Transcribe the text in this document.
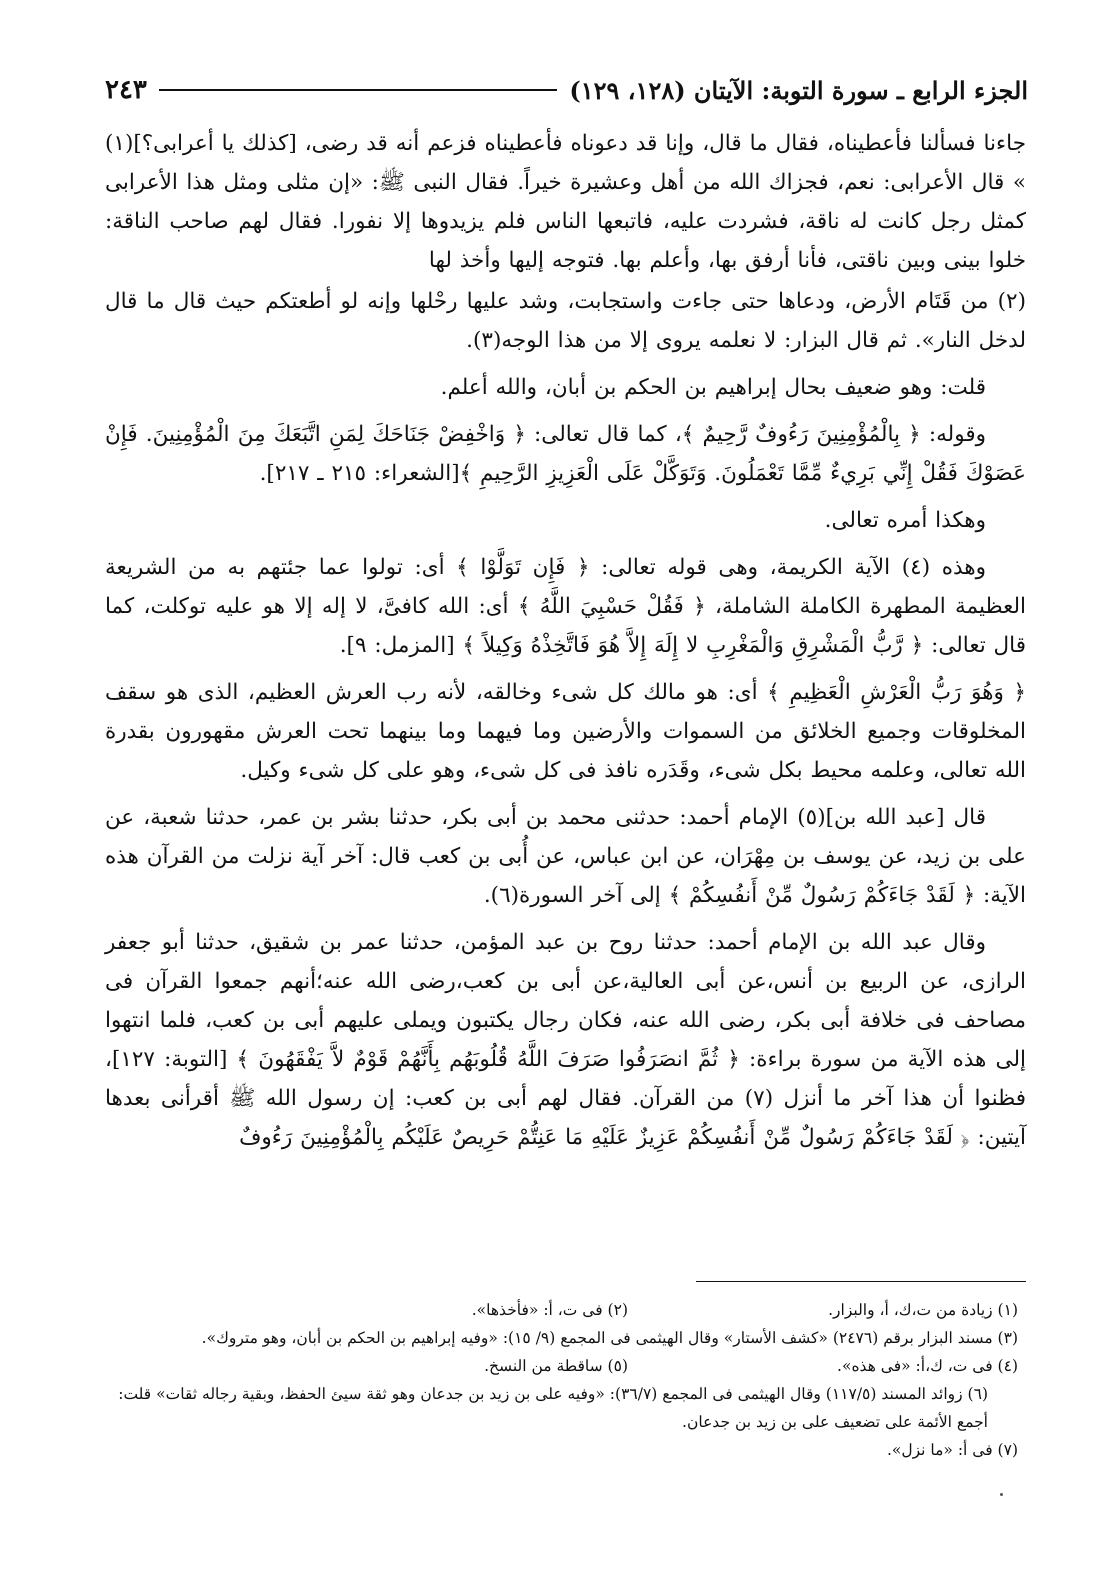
الجزء الرابع ـ سورة التوبة: الآيتان (١٢٨، ١٢٩)
٢٤٣

جاءنا فسألنا فأعطيناه، فقال ما قال، وإنا قد دعوناه فأعطيناه فزعم أنه قد رضى، [كذلك يا أعرابى؟](١) » قال الأعرابى: نعم، فجزاك الله من أهل وعشيرة خيراً. فقال النبى ﷺ: «إن مثلى ومثل هذا الأعرابى كمثل رجل كانت له ناقة، فشردت عليه، فاتبعها الناس فلم يزيدوها إلا نفورا. فقال لهم صاحب الناقة: خلوا بينى وبين ناقتى، فأنا أرفق بها، وأعلم بها. فتوجه إليها وأخذ لها

(٢) من قَتَام الأرض، ودعاها حتى جاءت واستجابت، وشد عليها رحْلها وإنه لو أطعتكم حيث قال ما قال لدخل النار». ثم قال البزار: لا نعلمه يروى إلا من هذا الوجه(٣).

قلت: وهو ضعيف بحال إبراهيم بن الحكم بن أبان، والله أعلم.

وقوله: ﴿ بِالْمُؤْمِنِينَ رَءُوفٌ رَّحِيمٌ ﴾، كما قال تعالى: ﴿ وَاخْفِضْ جَنَاحَكَ لِمَنِ اتَّبَعَكَ مِنَ الْمُؤْمِنِينَ. فَإِنْ عَصَوْكَ فَقُلْ إِنِّي بَرِيءٌ مِّمَّا تَعْمَلُونَ. وَتَوَكَّلْ عَلَى الْعَزِيزِ الرَّحِيمِ ﴾[الشعراء: ٢١٥ ـ ٢١٧].

وهكذا أمره تعالى.

وهذه (٤) الآية الكريمة، وهى قوله تعالى: ﴿ فَإِن تَوَلَّوْا ﴾ أى: تولوا عما جئتهم به من الشريعة العظيمة المطهرة الكاملة الشاملة، ﴿ فَقُلْ حَسْبِيَ اللَّهُ ﴾ أى: الله كافىَّ، لا إله إلا هو عليه توكلت، كما قال تعالى: ﴿ رَّبُّ الْمَشْرِقِ وَالْمَغْرِبِ لا إِلَهَ إِلاَّ هُوَ فَاتَّخِذْهُ وَكِيلاً ﴾ [المزمل: ٩].

﴿ وَهُوَ رَبُّ الْعَرْشِ الْعَظِيمِ ﴾ أى: هو مالك كل شىء وخالقه، لأنه رب العرش العظيم، الذى هو سقف المخلوقات وجميع الخلائق من السموات والأرضين وما فيهما وما بينهما تحت العرش مقهورون بقدرة الله تعالى، وعلمه محيط بكل شىء، وقَدَره نافذ فى كل شىء، وهو على كل شىء وكيل.

قال [عبد الله بن](٥) الإمام أحمد: حدثنى محمد بن أبى بكر، حدثنا بشر بن عمر، حدثنا شعبة، عن على بن زيد، عن يوسف بن مِهْرَان، عن ابن عباس، عن أُبى بن كعب قال: آخر آية نزلت من القرآن هذه الآية: ﴿ لَقَدْ جَاءَكُمْ رَسُولٌ مِّنْ أَنفُسِكُمْ ﴾ إلى آخر السورة(٦).

وقال عبد الله بن الإمام أحمد: حدثنا روح بن عبد المؤمن، حدثنا عمر بن شقيق، حدثنا أبو جعفر الرازى، عن الربيع بن أنس،عن أبى العالية،عن أبى بن كعب،رضى الله عنه؛أنهم جمعوا القرآن فى مصاحف فى خلافة أبى بكر، رضى الله عنه، فكان رجال يكتبون ويملى عليهم أبى بن كعب، فلما انتهوا إلى هذه الآية من سورة براءة: ﴿ ثُمَّ انصَرَفُوا صَرَفَ اللَّهُ قُلُوبَهُم بِأَنَّهُمْ قَوْمٌ لاَّ يَفْقَهُونَ ﴾ [التوبة: ١٢٧]، فظنوا أن هذا آخر ما أنزل (٧) من القرآن. فقال لهم أبى بن كعب: إن رسول الله ﷺ أقرأنى بعدها آيتين: ﴿ لَقَدْ جَاءَكُمْ رَسُولٌ مِّنْ أَنفُسِكُمْ عَزِيزٌ عَلَيْهِ مَا عَنِتُّمْ حَرِيصٌ عَلَيْكُم بِالْمُؤْمِنِينَ رَءُوفٌ

(١) زيادة من ت،ك، أ، والبزار.
(٢) فى ت، أ: «فأخذها».
(٣) مسند البزار برقم (٢٤٧٦) «كشف الأستار» وقال الهيثمى فى المجمع (٩/ ١٥): «وفيه إبراهيم بن الحكم بن أبان، وهو متروك».
(٤) فى ت، ك،أ: «فى هذه».
(٥) ساقطة من النسخ.
(٦) زوائد المسند (١١٧/٥) وقال الهيثمى فى المجمع (٣٦/٧): «وفيه على بن زيد بن جدعان وهو ثقة سيئ الحفظ، وبقية رجاله ثقات» قلت: أجمع الأئمة على تضعيف على بن زيد بن جدعان.
(٧) فى أ: «ما نزل».
